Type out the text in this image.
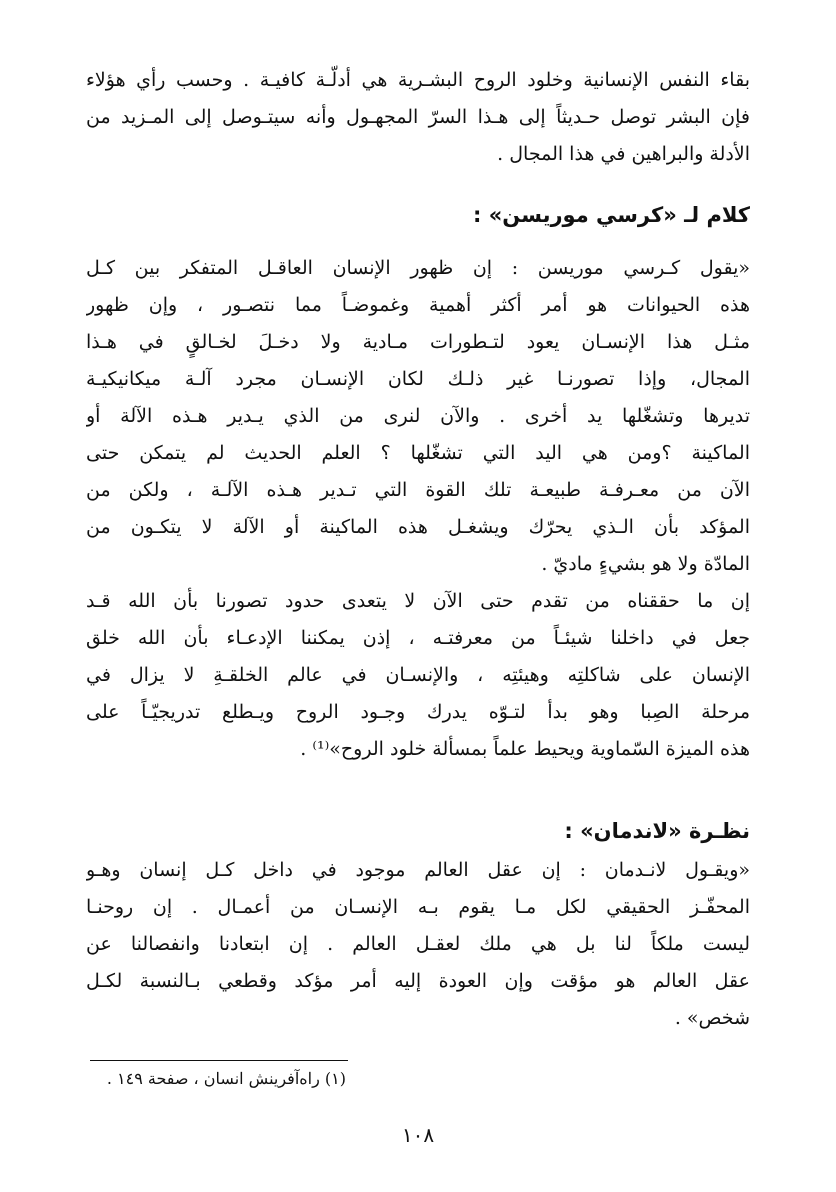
بقاء النفس الإنسانية وخلود الروح البشـرية هي أدلّـة كافيـة . وحسب رأي هؤلاء
فإن البشر توصل حـديثاً إلى هـذا السرّ المجهـول وأنه سيتـوصل إلى المـزيد من
الأدلة والبراهين في هذا المجال .
كلام لـ «كرسي موريسن» :
«يقول كـرسي موريسن : إن ظهور الإنسان العاقـل المتفكر بين كـل
هذه الحيوانات هو أمر أكثر أهمية وغموضـاً مما نتصـور ، وإن ظهور
مثـل هذا الإنسـان يعود لتـطورات مـادية ولا دخـلَ لخـالقٍ في هـذا
المجال، وإذا تصورنـا غير ذلـك لكان الإنسـان مجرد آلـة ميكانيكيـة
تديرها وتشغّلها يد أخرى . والآن لنرى من الذي يـدير هـذه الآلة أو
الماكينة ؟ومن هي اليد التي تشغّلها ؟ العلم الحديث لم يتمكن حتى
الآن من معـرفـة طبيعـة تلك القوة التي تـدير هـذه الآلـة ، ولكن من
المؤكد بأن الـذي يحرّك ويشغـل هذه الماكينة أو الآلة لا يتكـون من
المادّة ولا هو بشيءٍ ماديّ .
إن ما حققناه من تقدم حتى الآن لا يتعدى حدود تصورنا بأن الله قـد
جعل في داخلنا شيئـاً من معرفتـه ، إذن يمكننا الإدعـاء بأن الله خلق
الإنسان على شاكلتِه وهيئتِه ، والإنسـان في عالم الخلقـةِ لا يزال في
مرحلة الصِبا وهو بدأ لتـوّه يدرك وجـود الروح ويـطلع تدريجيّـاً على
هذه الميزة السّماوية ويحيط علماً بمسألة خلود الروح»⁽¹⁾ .
نظـرة «لاندمان» :
«ويقـول لانـدمان : إن عقل العالم موجود في داخل كـل إنسان وهـو
المحفّـز الحقيقي لكل مـا يقوم بـه الإنسـان من أعمـال . إن روحنـا
ليست ملكاً لنا بل هي ملك لعقـل العالم . إن ابتعادنا وانفصالنا عن
عقل العالم هو مؤقت وإن العودة إليه أمر مؤكد وقطعي بـالنسبة لكـل
شخص» .
(١) راه‌آفرينش انسان ، صفحة ١٤٩ .
١٠٨
